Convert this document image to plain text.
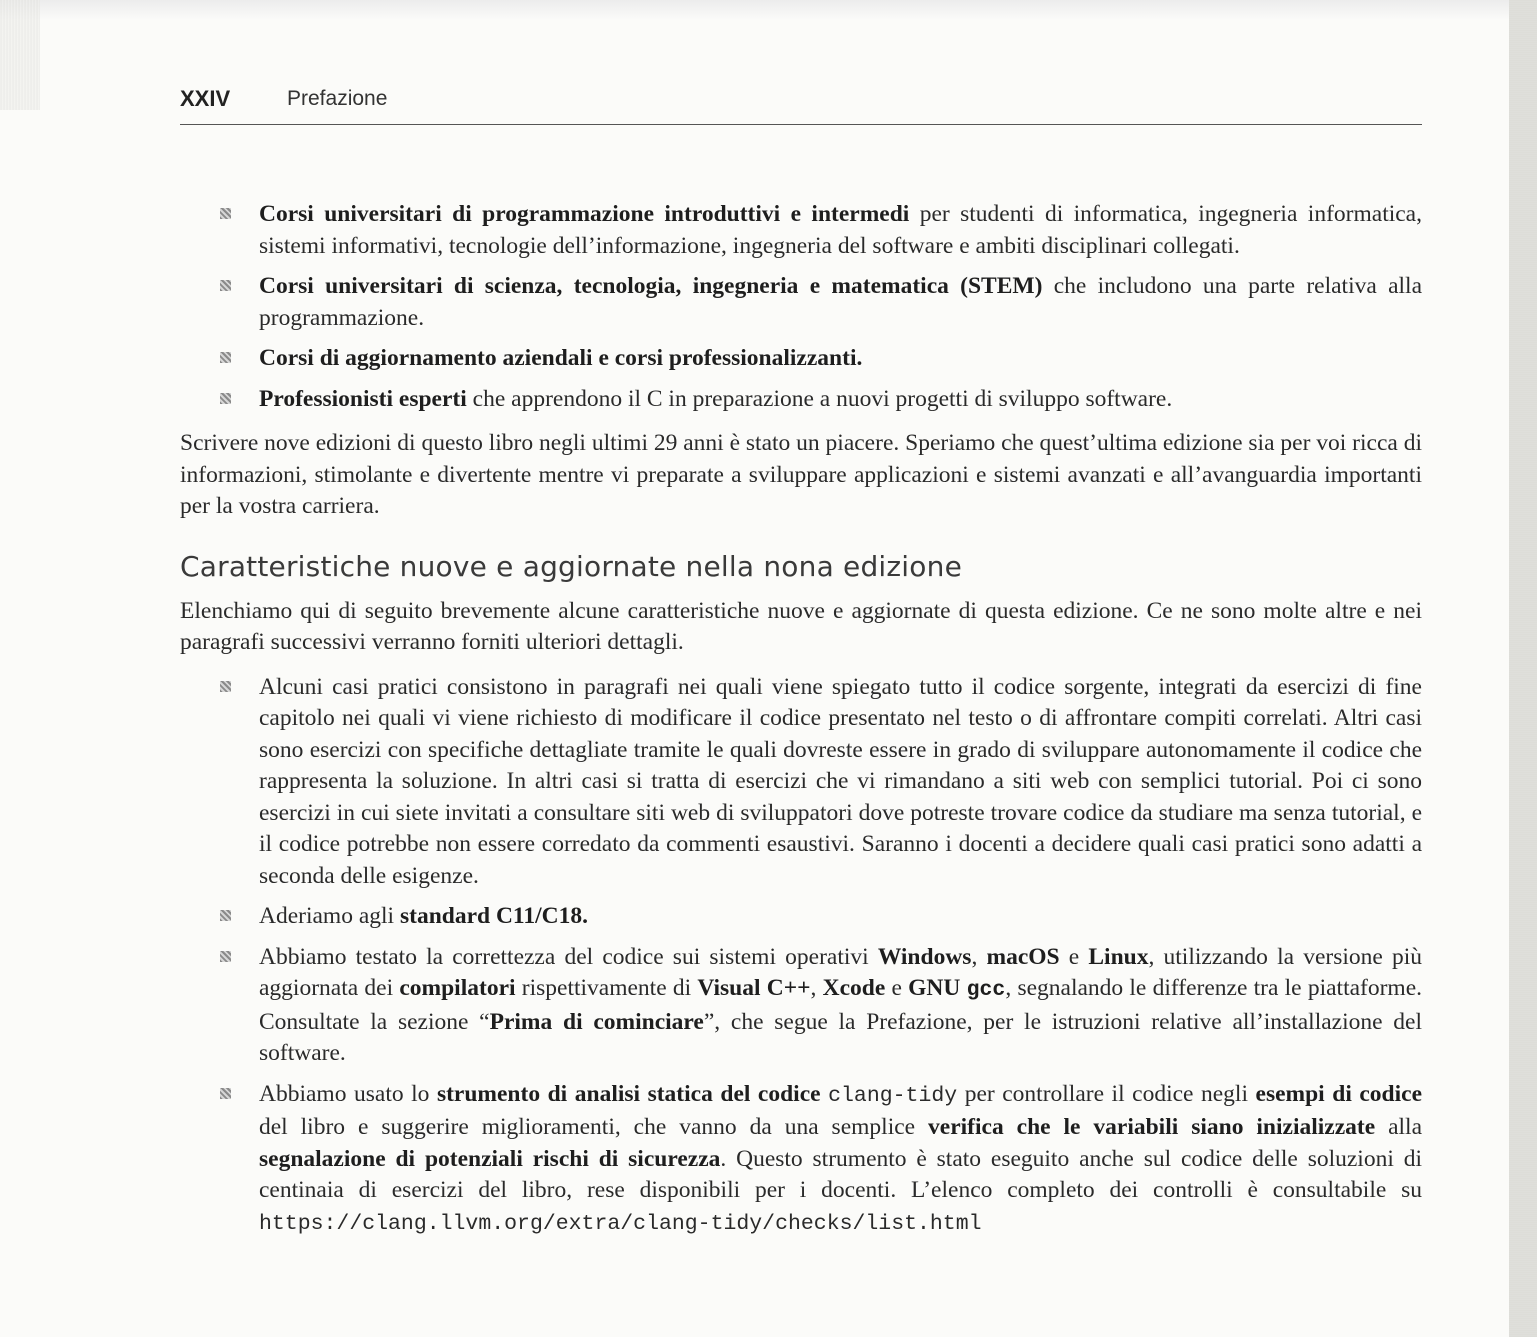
XXIV	Prefazione
Corsi universitari di programmazione introduttivi e intermedi per studenti di informatica, ingegneria informatica, sistemi informativi, tecnologie dell’informazione, ingegneria del software e ambiti disciplinari collegati.
Corsi universitari di scienza, tecnologia, ingegneria e matematica (STEM) che includono una parte relativa alla programmazione.
Corsi di aggiornamento aziendali e corsi professionalizzanti.
Professionisti esperti che apprendono il C in preparazione a nuovi progetti di sviluppo software.

Scrivere nove edizioni di questo libro negli ultimi 29 anni è stato un piacere. Speriamo che quest’ultima edizione sia per voi ricca di informazioni, stimolante e divertente mentre vi preparate a sviluppare applicazioni e sistemi avanzati e all’avanguardia importanti per la vostra carriera.

Caratteristiche nuove e aggiornate nella nona edizione

Elenchiamo qui di seguito brevemente alcune caratteristiche nuove e aggiornate di questa edizione. Ce ne sono molte altre e nei paragrafi successivi verranno forniti ulteriori dettagli.

Alcuni casi pratici consistono in paragrafi nei quali viene spiegato tutto il codice sorgente, integrati da esercizi di fine capitolo nei quali vi viene richiesto di modificare il codice presentato nel testo o di affrontare compiti correlati. Altri casi sono esercizi con specifiche dettagliate tramite le quali dovreste essere in grado di sviluppare autonomamente il codice che rappresenta la soluzione. In altri casi si tratta di esercizi che vi rimandano a siti web con semplici tutorial. Poi ci sono esercizi in cui siete invitati a consultare siti web di sviluppatori dove potreste trovare codice da studiare ma senza tutorial, e il codice potrebbe non essere corredato da commenti esaustivi. Saranno i docenti a decidere quali casi pratici sono adatti a seconda delle esigenze.
Aderiamo agli standard C11/C18.
Abbiamo testato la correttezza del codice sui sistemi operativi Windows, macOS e Linux, utilizzando la versione più aggiornata dei compilatori rispettivamente di Visual C++, Xcode e GNU gcc, segnalando le differenze tra le piattaforme. Consultate la sezione “Prima di cominciare”, che segue la Prefazione, per le istruzioni relative all’installazione del software.
Abbiamo usato lo strumento di analisi statica del codice clang-tidy per controllare il codice negli esempi di codice del libro e suggerire miglioramenti, che vanno da una semplice verifica che le variabili siano inizializzate alla segnalazione di potenziali rischi di sicurezza. Questo strumento è stato eseguito anche sul codice delle soluzioni di centinaia di esercizi del libro, rese disponibili per i docenti. L’elenco completo dei controlli è consultabile su https://clang.llvm.org/extra/clang-tidy/checks/list.html
